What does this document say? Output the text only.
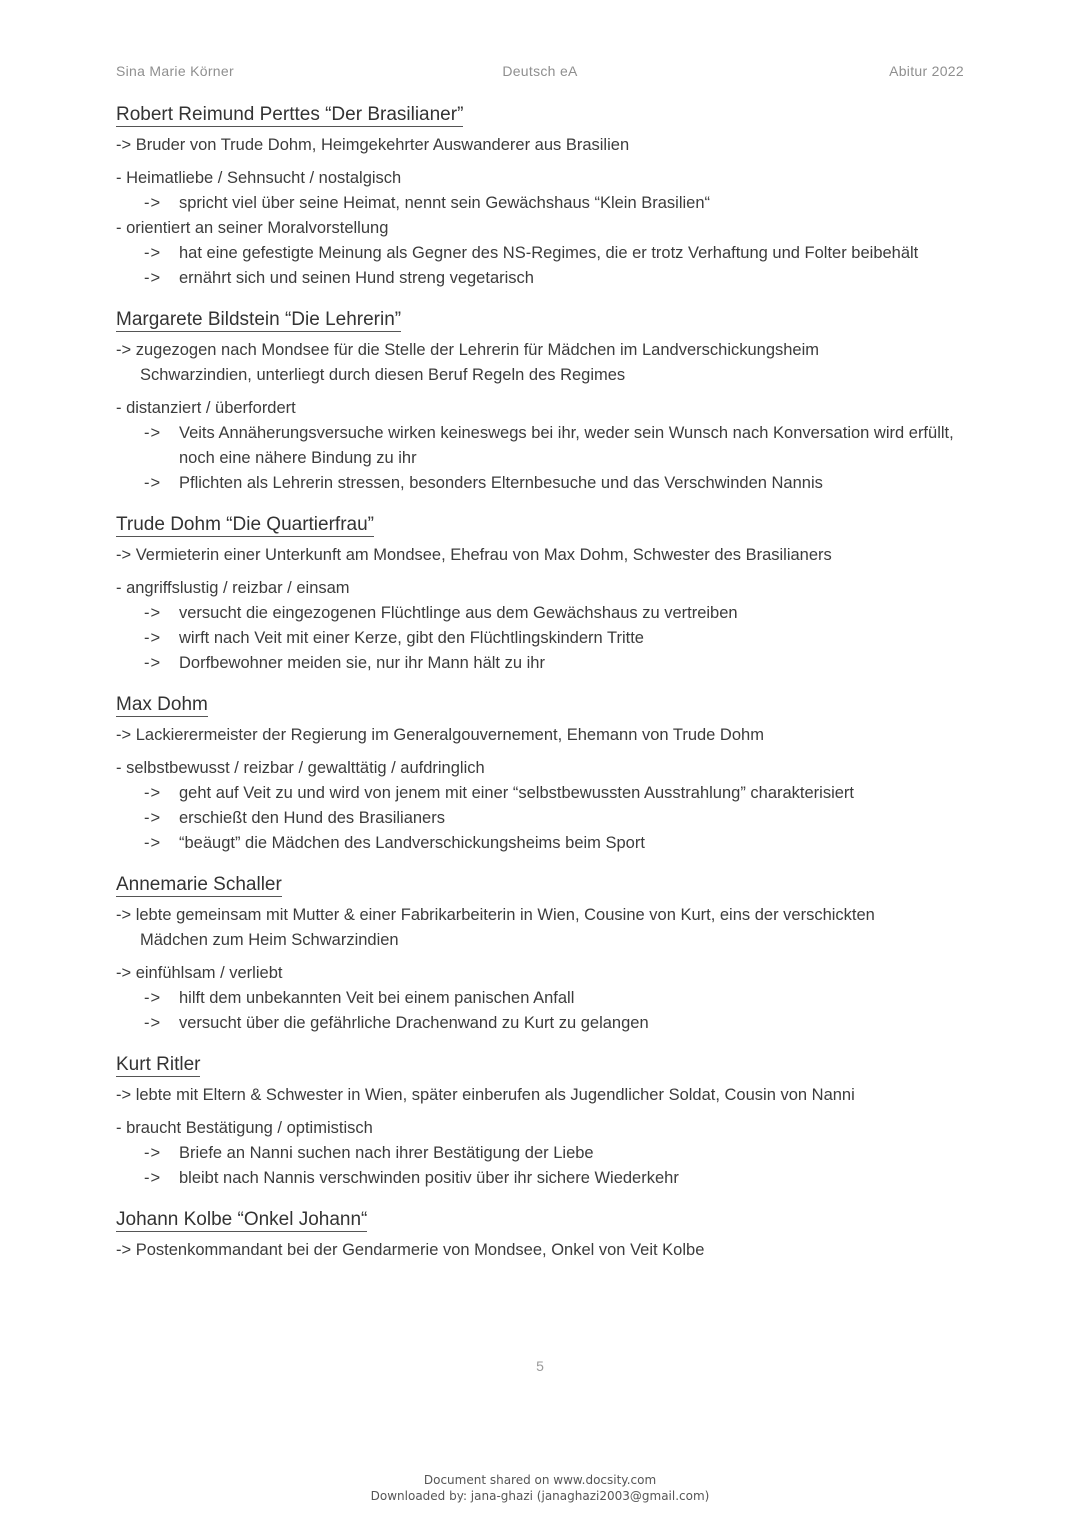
Sina Marie Körner	Deutsch eA	Abitur 2022
Robert Reimund Perttes “Der Brasilianer”
-> Bruder von Trude Dohm, Heimgekehrter Auswanderer aus Brasilien
- Heimatliebe / Sehnsucht / nostalgisch
->	spricht viel über seine Heimat, nennt sein Gewächshaus “Klein Brasilien“
- orientiert an seiner Moralvorstellung
->	hat eine gefestigte Meinung als Gegner des NS-Regimes, die er trotz Verhaftung und Folter beibehält
->	ernährt sich und seinen Hund streng vegetarisch
Margarete Bildstein “Die Lehrerin”
-> zugezogen nach Mondsee für die Stelle der Lehrerin für Mädchen im Landverschickungsheim
Schwarzindien, unterliegt durch diesen Beruf Regeln des Regimes
- distanziert / überfordert
->	Veits Annäherungsversuche wirken keineswegs bei ihr, weder sein Wunsch nach Konversation wird erfüllt, noch eine nähere Bindung zu ihr
->	Pflichten als Lehrerin stressen, besonders Elternbesuche und das Verschwinden Nannis
Trude Dohm “Die Quartierfrau”
-> Vermieterin einer Unterkunft am Mondsee, Ehefrau von Max Dohm, Schwester des Brasilianers
- angriffslustig / reizbar / einsam
->	versucht die eingezogenen Flüchtlinge aus dem Gewächshaus zu vertreiben
->	wirft nach Veit mit einer Kerze, gibt den Flüchtlingskindern Tritte
->	Dorfbewohner meiden sie, nur ihr Mann hält zu ihr
Max Dohm
-> Lackierermeister der Regierung im Generalgouvernement, Ehemann von Trude Dohm
- selbstbewusst / reizbar / gewalttätig / aufdringlich
->	geht auf Veit zu und wird von jenem mit einer “selbstbewussten Ausstrahlung” charakterisiert
->	erschießt den Hund des Brasilianers
->	“beäugt” die Mädchen des Landverschickungsheims beim Sport
Annemarie Schaller
-> lebte gemeinsam mit Mutter & einer Fabrikarbeiterin in Wien, Cousine von Kurt, eins der verschickten
Mädchen zum Heim Schwarzindien
-> einfühlsam / verliebt
->	hilft dem unbekannten Veit bei einem panischen Anfall
->	versucht über die gefährliche Drachenwand zu Kurt zu gelangen
Kurt Ritler
-> lebte mit Eltern & Schwester in Wien, später einberufen als Jugendlicher Soldat, Cousin von Nanni
- braucht Bestätigung / optimistisch
->	Briefe an Nanni suchen nach ihrer Bestätigung der Liebe
->	bleibt nach Nannis verschwinden positiv über ihr sichere Wiederkehr
Johann Kolbe “Onkel Johann“
-> Postenkommandant bei der Gendarmerie von Mondsee, Onkel von Veit Kolbe
5
Document shared on www.docsity.com
Downloaded by: jana-ghazi (janaghazi2003@gmail.com)
